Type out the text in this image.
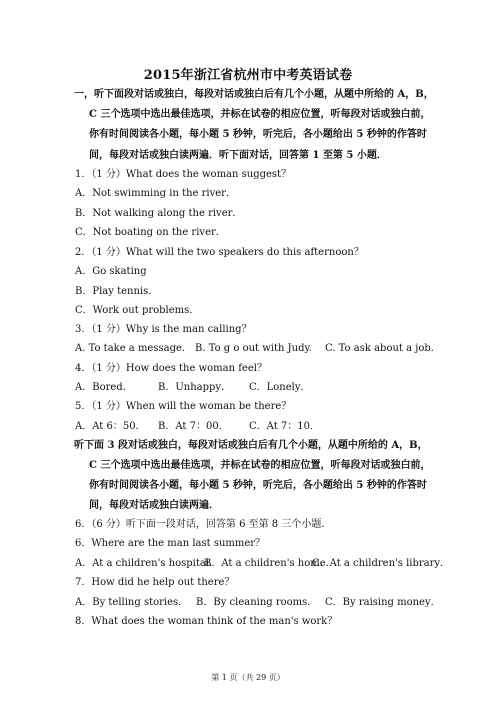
2015年浙江省杭州市中考英语试卷
一，听下面段对话或独白，每段对话或独白后有几个小题，从题中所给的 A，B，
C 三个选项中选出最佳选项，并标在试卷的相应位置，听每段对话或独白前，
你有时间阅读各小题，每小题 5 秒钟，听完后，各小题给出 5 秒钟的作答时
间，每段对话或独白读两遍．听下面对话，回答第 1 至第 5 小题．
1．（1 分）What does the woman suggest？
A．Not swimming in the river．
B．Not walking along the river．
C．Not boating on the river．
2．（1 分）What will the two speakers do this afternoon？
A．Go skating
B．Play tennis．
C．Work out problems．
3．（1 分）Why is the man calling？
A. To take a message． B. To g o out with Judy. C. To ask about a job．
4．（1 分）How does the woman feel？
A．Bored．	B．Unhappy． C．Lonely．
5．（1 分）When will the woman be there？
A．At 6：50． B．At 7：00． C．At 7：10．
听下面 3 段对话或独白，每段对话或独白后有几个小题，从题中所给的 A，B，
C 三个选项中选出最佳选项，并标在试卷的相应位置，听每段对话或独白前，
你有时间阅读各小题，每小题 5 秒钟，听完后，各小题给出 5 秒钟的作答时
间，每段对话或独白读两遍．
6．（6 分）听下面一段对话，回答第 6 至第 8 三个小题．
6．Where are the man last summer？
A．At a children's hospital．
B．At a children's home．
C．At a children's library．
7．How did he help out there？
A．By telling stories． B．By cleaning rooms． C．By raising money．
8．What does the woman think of the man's work？
第 1 页（共 29 页）
